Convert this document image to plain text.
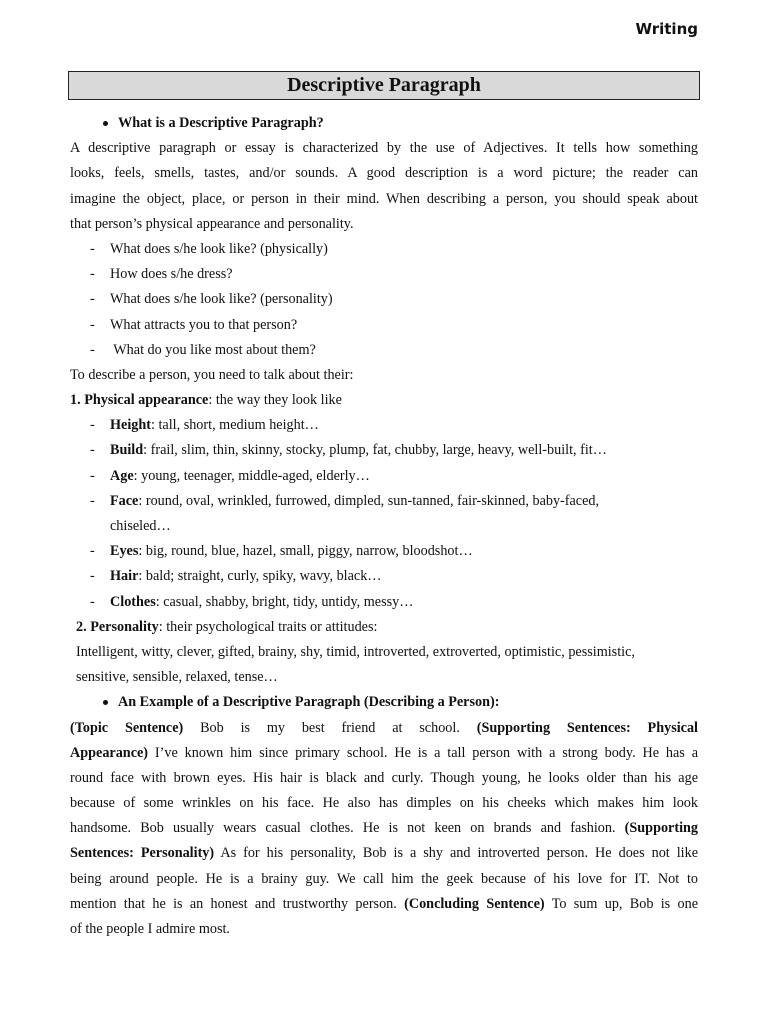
Writing
Descriptive Paragraph
What is a Descriptive Paragraph?
A descriptive paragraph or essay is characterized by the use of Adjectives. It tells how something
looks, feels, smells, tastes, and/or sounds. A good description is a word picture; the reader can
imagine the object, place, or person in their mind. When describing a person, you should speak about
that person’s physical appearance and personality.
- What does s/he look like? (physically)
- How does s/he dress?
- What does s/he look like? (personality)
- What attracts you to that person?
- What do you like most about them?
To describe a person, you need to talk about their:
1. Physical appearance: the way they look like
- Height: tall, short, medium height…
- Build: frail, slim, thin, skinny, stocky, plump, fat, chubby, large, heavy, well-built, fit…
- Age: young, teenager, middle-aged, elderly…
- Face: round, oval, wrinkled, furrowed, dimpled, sun-tanned, fair-skinned, baby-faced,
chiseled…
- Eyes: big, round, blue, hazel, small, piggy, narrow, bloodshot…
- Hair: bald; straight, curly, spiky, wavy, black…
- Clothes: casual, shabby, bright, tidy, untidy, messy…
2. Personality: their psychological traits or attitudes:
Intelligent, witty, clever, gifted, brainy, shy, timid, introverted, extroverted, optimistic, pessimistic,
sensitive, sensible, relaxed, tense…
An Example of a Descriptive Paragraph (Describing a Person):
(Topic Sentence) Bob is my best friend at school. (Supporting Sentences: Physical
Appearance) I’ve known him since primary school. He is a tall person with a strong body. He has a
round face with brown eyes. His hair is black and curly. Though young, he looks older than his age
because of some wrinkles on his face. He also has dimples on his cheeks which makes him look
handsome. Bob usually wears casual clothes. He is not keen on brands and fashion. (Supporting
Sentences: Personality) As for his personality, Bob is a shy and introverted person. He does not like
being around people. He is a brainy guy. We call him the geek because of his love for IT. Not to
mention that he is an honest and trustworthy person. (Concluding Sentence) To sum up, Bob is one
of the people I admire most.
